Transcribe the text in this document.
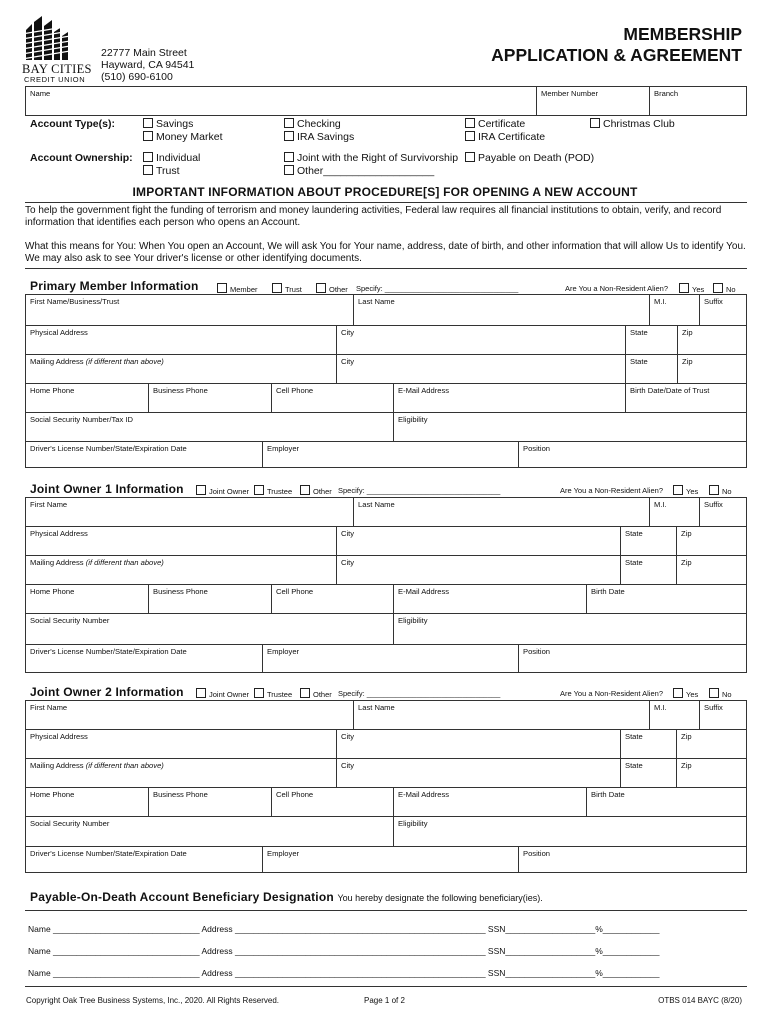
BAY CITIES
CREDIT UNION
22777 Main Street
Hayward, CA 94541
(510) 690-6100
MEMBERSHIP
APPLICATION & AGREEMENT
Name	Member Number	Branch
Account Type(s):	Savings
Money Market
Checking
IRA Savings
Certificate
IRA Certificate
Christmas Club
Account Ownership:	Individual
Trust
Joint with the Right of Survivorship
Other___________________
Payable on Death (POD)
IMPORTANT INFORMATION ABOUT PROCEDURE[S] FOR OPENING A NEW ACCOUNT
To help the government fight the funding of terrorism and money laundering activities, Federal law requires all financial institutions to obtain, verify, and record information that identifies each person who opens an Account.
What this means for You: When You open an Account, We will ask You for Your name, address, date of birth, and other information that will allow Us to identify You. We may also ask to see Your driver's license or other identifying documents.
Primary Member Information	Member	Trust	Other Specify: ________________________________	Are You a Non-Resident Alien?	Yes	No
First Name/Business/Trust	Last Name	M.I.	Suffix
Physical Address	City	State	Zip
Mailing Address (if different than above)	City	State	Zip
Home Phone	Business Phone	Cell Phone	E-Mail Address	Birth Date/Date of Trust
Social Security Number/Tax ID	Eligibility
Driver's License Number/State/Expiration Date	Employer	Position
Joint Owner 1 Information	Joint Owner	Trustee	Other Specify: ________________________________	Are You a Non-Resident Alien?	Yes	No
First Name	Last Name	M.I.	Suffix
Physical Address	City	State	Zip
Mailing Address (if different than above)	City	State	Zip
Home Phone	Business Phone	Cell Phone	E-Mail Address	Birth Date
Social Security Number	Eligibility
Driver's License Number/State/Expiration Date	Employer	Position
Joint Owner 2 Information	Joint Owner	Trustee	Other Specify: ________________________________	Are You a Non-Resident Alien?	Yes	No
First Name	Last Name	M.I.	Suffix
Physical Address	City	State	Zip
Mailing Address (if different than above)	City	State	Zip
Home Phone	Business Phone	Cell Phone	E-Mail Address	Birth Date
Social Security Number	Eligibility
Driver's License Number/State/Expiration Date	Employer	Position
Payable-On-Death Account Beneficiary Designation You hereby designate the following beneficiary(ies).
Name _______________________________ Address _____________________________________________________ SSN___________________%____________
Name _______________________________ Address _____________________________________________________ SSN___________________%____________
Name _______________________________ Address _____________________________________________________ SSN___________________%____________
Copyright Oak Tree Business Systems, Inc., 2020. All Rights Reserved.	Page 1 of 2	OTBS 014 BAYC (8/20)
